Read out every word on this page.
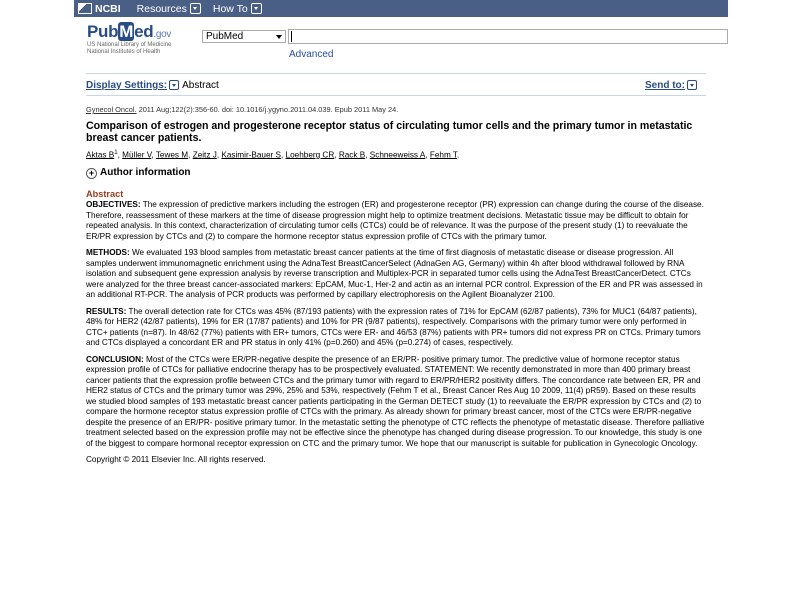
NCBI Resources How To
PubMed.gov
US National Library of Medicine
National Institutes of Health
PubMed
Advanced
Display Settings: Abstract	Send to:
Gynecol Oncol. 2011 Aug;122(2):356-60. doi: 10.1016/j.ygyno.2011.04.039. Epub 2011 May 24.
Comparison of estrogen and progesterone receptor status of circulating tumor cells and the primary tumor in metastatic breast cancer patients.
Aktas $B^1$, Müller V, Tewes M, Zeitz J, Kasimir-Bauer S, Loehberg CR, Rack B, Schneeweiss A, Fehm T.
+ Author information
Abstract
OBJECTIVES: The expression of predictive markers including the estrogen (ER) and progesterone receptor (PR) expression can change during the course of the disease. Therefore, reassessment of these markers at the time of disease progression might help to optimize treatment decisions. Metastatic tissue may be difficult to obtain for repeated analysis. In this context, characterization of circulating tumor cells (CTCs) could be of relevance. It was the purpose of the present study (1) to reevaluate the ER/PR expression by CTCs and (2) to compare the hormone receptor status expression profile of CTCs with the primary tumor.
METHODS: We evaluated 193 blood samples from metastatic breast cancer patients at the time of first diagnosis of metastatic disease or disease progression. All samples underwent immunomagnetic enrichment using the AdnaTest BreastCancerSelect (AdnaGen AG, Germany) within 4h after blood withdrawal followed by RNA isolation and subsequent gene expression analysis by reverse transcription and Multiplex-PCR in separated tumor cells using the AdnaTest BreastCancerDetect. CTCs were analyzed for the three breast cancer-associated markers: EpCAM, Muc-1, Her-2 and actin as an internal PCR control. Expression of the ER and PR was assessed in an additional RT-PCR. The analysis of PCR products was performed by capillary electrophoresis on the Agilent Bioanalyzer 2100.
RESULTS: The overall detection rate for CTCs was 45% (87/193 patients) with the expression rates of 71% for EpCAM (62/87 patients), 73% for MUC1 (64/87 patients), 48% for HER2 (42/87 patients), 19% for ER (17/87 patients) and 10% for PR (9/87 patients), respectively. Comparisons with the primary tumor were only performed in CTC+ patients (n=87). In 48/62 (77%) patients with ER+ tumors, CTCs were ER- and 46/53 (87%) patients with PR+ tumors did not express PR on CTCs. Primary tumors and CTCs displayed a concordant ER and PR status in only 41% (p=0.260) and 45% (p=0.274) of cases, respectively.
CONCLUSION: Most of the CTCs were ER/PR-negative despite the presence of an ER/PR- positive primary tumor. The predictive value of hormone receptor status expression profile of CTCs for palliative endocrine therapy has to be prospectively evaluated. STATEMENT: We recently demonstrated in more than 400 primary breast cancer patients that the expression profile between CTCs and the primary tumor with regard to ER/PR/HER2 positivity differs. The concordance rate between ER, PR and HER2 status of CTCs and the primary tumor was 29%, 25% and 53%, respectively (Fehm T et al., Breast Cancer Res Aug 10 2009, 11(4) pR59). Based on these results we studied blood samples of 193 metastatic breast cancer patients participating in the German DETECT study (1) to reevaluate the ER/PR expression by CTCs and (2) to compare the hormone receptor status expression profile of CTCs with the primary. As already shown for primary breast cancer, most of the CTCs were ER/PR-negative despite the presence of an ER/PR- positive primary tumor. In the metastatic setting the phenotype of CTC reflects the phenotype of metastatic disease. Therefore palliative treatment selected based on the expression profile may not be effective since the phenotype has changed during disease progression. To our knowledge, this study is one of the biggest to compare hormonal receptor expression on CTC and the primary tumor. We hope that our manuscript is suitable for publication in Gynecologic Oncology.
Copyright © 2011 Elsevier Inc. All rights reserved.
